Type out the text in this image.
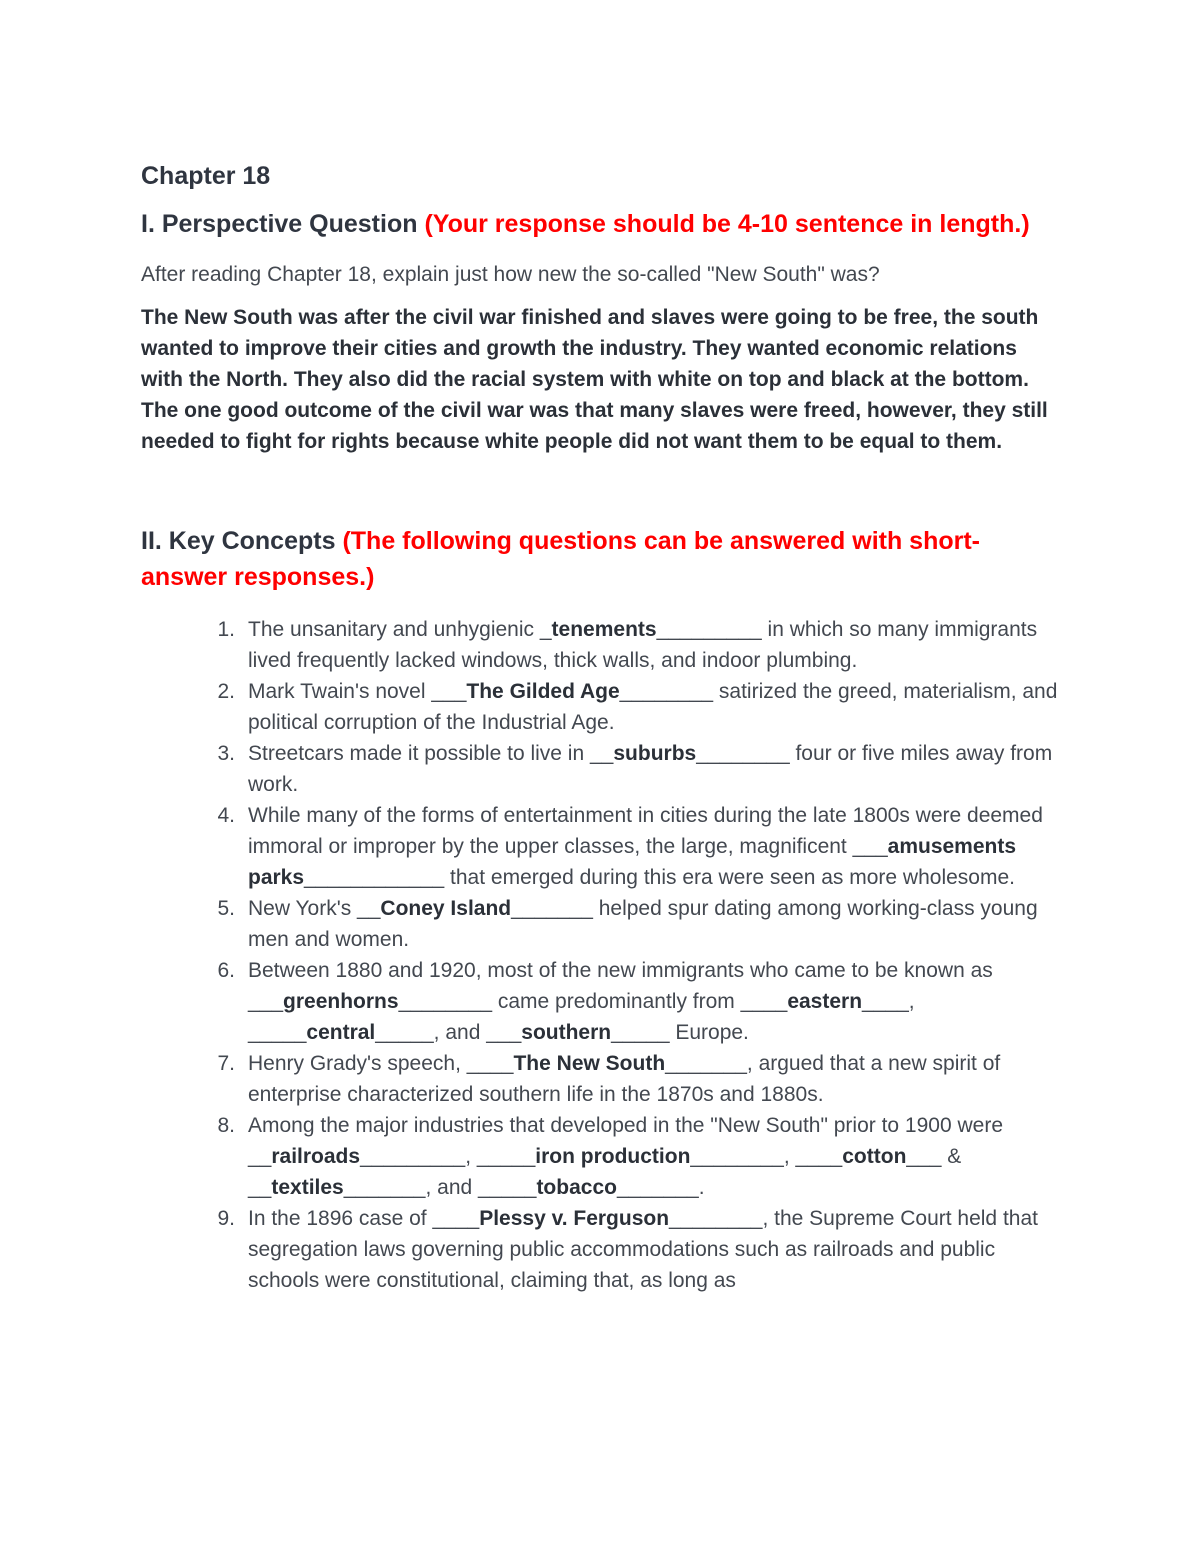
Chapter 18
I. Perspective Question (Your response should be 4-10 sentence in length.)

After reading Chapter 18, explain just how new the so-called "New South" was?

The New South was after the civil war finished and slaves were going to be free, the south wanted to improve their cities and growth the industry. They wanted economic relations with the North. They also did the racial system with white on top and black at the bottom. The one good outcome of the civil war was that many slaves were freed, however, they still needed to fight for rights because white people did not want them to be equal to them.

II. Key Concepts (The following questions can be answered with short-answer responses.)
1. The unsanitary and unhygienic _tenements_________ in which so many immigrants lived frequently lacked windows, thick walls, and indoor plumbing.
2. Mark Twain's novel ___The Gilded Age________ satirized the greed, materialism, and political corruption of the Industrial Age.
3. Streetcars made it possible to live in __suburbs________ four or five miles away from work.
4. While many of the forms of entertainment in cities during the late 1800s were deemed immoral or improper by the upper classes, the large, magnificent ___amusements parks____________ that emerged during this era were seen as more wholesome.
5. New York's __Coney Island_______ helped spur dating among working-class young men and women.
6. Between 1880 and 1920, most of the new immigrants who came to be known as ___greenhorns________ came predominantly from ____eastern____, _____central_____, and ___southern_____ Europe.
7. Henry Grady's speech, ____The New South_______, argued that a new spirit of enterprise characterized southern life in the 1870s and 1880s.
8. Among the major industries that developed in the "New South" prior to 1900 were __railroads_________, _____iron production________, ____cotton___ & __textiles_______, and _____tobacco_______.
9. In the 1896 case of ____Plessy v. Ferguson________, the Supreme Court held that segregation laws governing public accommodations such as railroads and public schools were constitutional, claiming that, as long as
